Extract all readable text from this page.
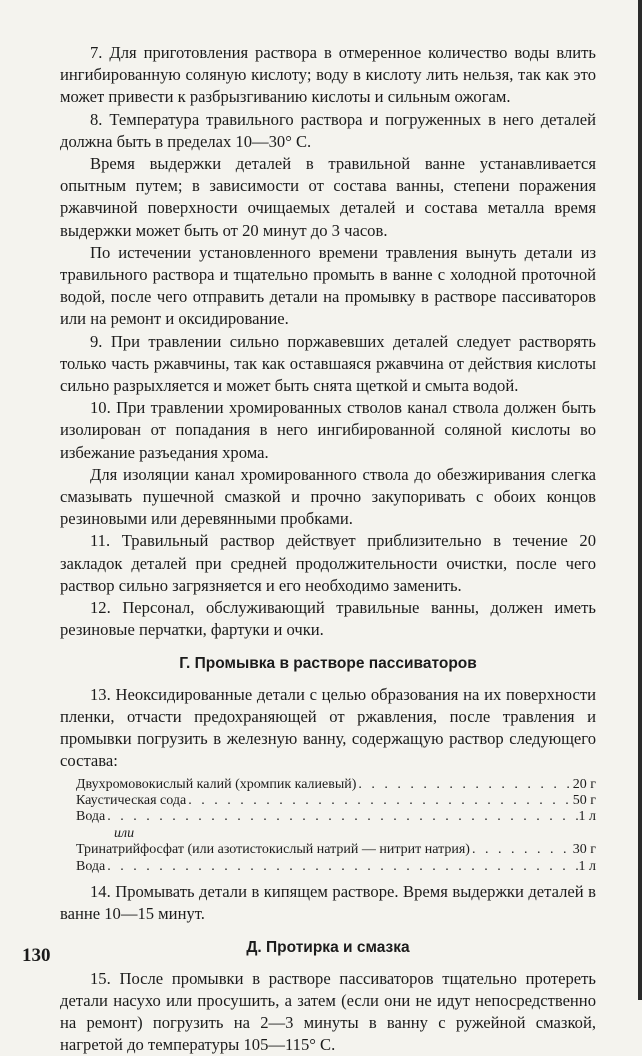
7. Для приготовления раствора в отмеренное количество воды влить ингибированную соляную кислоту; воду в кислоту лить нельзя, так как это может привести к разбрызгиванию кислоты и сильным ожогам.

8. Температура травильного раствора и погруженных в него деталей должна быть в пределах 10—30° С.

Время выдержки деталей в травильной ванне устанавливается опытным путем; в зависимости от состава ванны, степени поражения ржавчиной поверхности очищаемых деталей и состава металла время выдержки может быть от 20 минут до 3 часов.

По истечении установленного времени травления вынуть детали из травильного раствора и тщательно промыть в ванне с холодной проточной водой, после чего отправить детали на промывку в растворе пассиваторов или на ремонт и оксидирование.

9. При травлении сильно поржавевших деталей следует растворять только часть ржавчины, так как оставшаяся ржавчина от действия кислоты сильно разрыхляется и может быть снята щеткой и смыта водой.

10. При травлении хромированных стволов канал ствола должен быть изолирован от попадания в него ингибированной соляной кислоты во избежание разъедания хрома.

Для изоляции канал хромированного ствола до обезжиривания слегка смазывать пушечной смазкой и прочно закупоривать с обоих концов резиновыми или деревянными пробками.

11. Травильный раствор действует приблизительно в течение 20 закладок деталей при средней продолжительности очистки, после чего раствор сильно загрязняется и его необходимо заменить.

12. Персонал, обслуживающий травильные ванны, должен иметь резиновые перчатки, фартуки и очки.

Г. Промывка в растворе пассиваторов

13. Неоксидированные детали с целью образования на их поверхности пленки, отчасти предохраняющей от ржавления, после травления и промывки погрузить в железную ванну, содержащую раствор следующего состава:

Двухромовокислый калий (хромпик калиевый) . . .	20 г
Каустическая сода . . .	50 г
Вода . . .	1 л
или
Тринатрийфосфат (или азотистокислый натрий — нитрит натрия) . . .	30 г
Вода . . .	1 л

14. Промывать детали в кипящем растворе. Время выдержки деталей в ванне 10—15 минут.

Д. Протирка и смазка

15. После промывки в растворе пассиваторов тщательно протереть детали насухо или просушить, а затем (если они не идут непосредственно на ремонт) погрузить на 2—3 минуты в ванну с ружейной смазкой, нагретой до температуры 105—115° С.

130
